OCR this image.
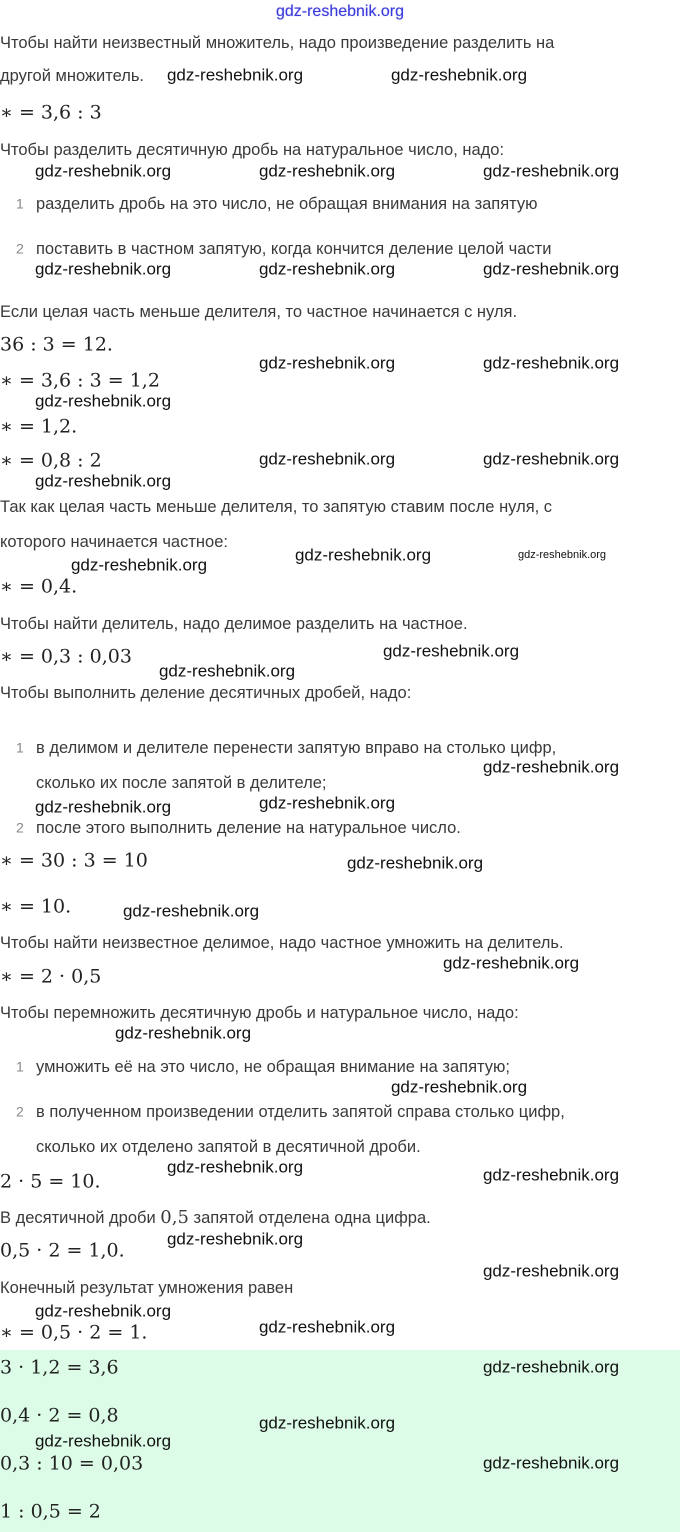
gdz-reshebnik.org
Чтобы найти неизвестный множитель, надо произведение разделить на
другой множитель.
∗ = 3,6 : 3
Чтобы разделить десятичную дробь на натуральное число, надо:
1 разделить дробь на это число, не обращая внимания на запятую
2 поставить в частном запятую, когда кончится деление целой части
Если целая часть меньше делителя, то частное начинается с нуля.
36 : 3 = 12.
∗ = 3,6 : 3 = 1,2
∗ = 1,2.
∗ = 0,8 : 2
Так как целая часть меньше делителя, то запятую ставим после нуля, с
которого начинается частное:
∗ = 0,4.
Чтобы найти делитель, надо делимое разделить на частное.
∗ = 0,3 : 0,03
Чтобы выполнить деление десятичных дробей, надо:
1 в делимом и делителе перенести запятую вправо на столько цифр,
сколько их после запятой в делителе;
2 после этого выполнить деление на натуральное число.
∗ = 30 : 3 = 10
∗ = 10.
Чтобы найти неизвестное делимое, надо частное умножить на делитель.
∗ = 2 · 0,5
Чтобы перемножить десятичную дробь и натуральное число, надо:
1 умножить её на это число, не обращая внимание на запятую;
2 в полученном произведении отделить запятой справа столько цифр,
сколько их отделено запятой в десятичной дроби.
2 · 5 = 10.
В десятичной дроби 0,5 запятой отделена одна цифра.
0,5 · 2 = 1,0.
Конечный результат умножения равен
∗ = 0,5 · 2 = 1.
3 · 1,2 = 3,6
0,4 · 2 = 0,8
0,3 : 10 = 0,03
1 : 0,5 = 2
gdz-reshebnik.org	gdz-reshebnik.org
gdz-reshebnik.org	gdz-reshebnik.org	gdz-reshebnik.org
gdz-reshebnik.org	gdz-reshebnik.org	gdz-reshebnik.org
gdz-reshebnik.org
gdz-reshebnik.org	gdz-reshebnik.org
gdz-reshebnik.org	gdz-reshebnik.org
gdz-reshebnik.org
gdz-reshebnik.org
gdz-reshebnik.org
gdz-reshebnik.org
gdz-reshebnik.org
gdz-reshebnik.org
gdz-reshebnik.org
gdz-reshebnik.org
gdz-reshebnik.org
gdz-reshebnik.org
gdz-reshebnik.org
gdz-reshebnik.org
gdz-reshebnik.org
gdz-reshebnik.org	gdz-reshebnik.org
gdz-reshebnik.org
gdz-reshebnik.org
gdz-reshebnik.org
gdz-reshebnik.org
gdz-reshebnik.org
gdz-reshebnik.org
gdz-reshebnik.org
gdz-reshebnik.org
gdz-reshebnik.org
